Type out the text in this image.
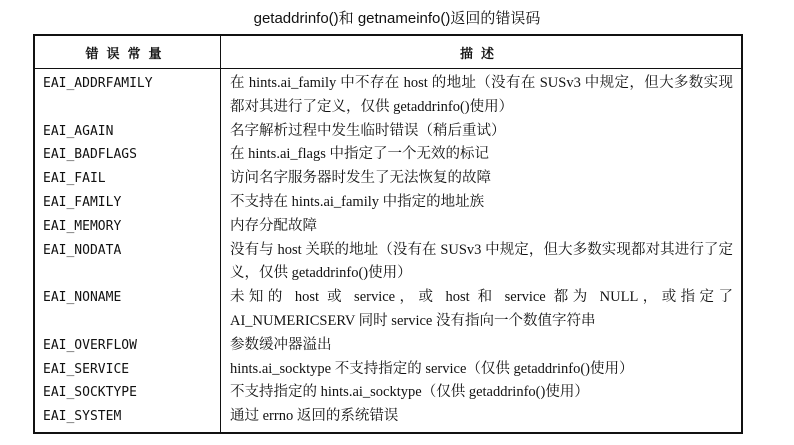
getaddrinfo()和 getnameinfo()返回的错误码
错误常量	描述
EAI_ADDRFAMILY	在 hints.ai_family 中不存在 host 的地址（没有在 SUSv3 中规定，但大多数实现都对其进行了定义，仅供 getaddrinfo()使用）
EAI_AGAIN	名字解析过程中发生临时错误（稍后重试）
EAI_BADFLAGS	在 hints.ai_flags 中指定了一个无效的标记
EAI_FAIL	访问名字服务器时发生了无法恢复的故障
EAI_FAMILY	不支持在 hints.ai_family 中指定的地址族
EAI_MEMORY	内存分配故障
EAI_NODATA	没有与 host 关联的地址（没有在 SUSv3 中规定，但大多数实现都对其进行了定义，仅供 getaddrinfo()使用）
EAI_NONAME	未知的 host 或 service，或 host 和 service 都为 NULL，或指定了 AI_NUMERICSERV 同时 service 没有指向一个数值字符串
EAI_OVERFLOW	参数缓冲器溢出
EAI_SERVICE	hints.ai_socktype 不支持指定的 service（仅供 getaddrinfo()使用）
EAI_SOCKTYPE	不支持指定的 hints.ai_socktype（仅供 getaddrinfo()使用）
EAI_SYSTEM	通过 errno 返回的系统错误
